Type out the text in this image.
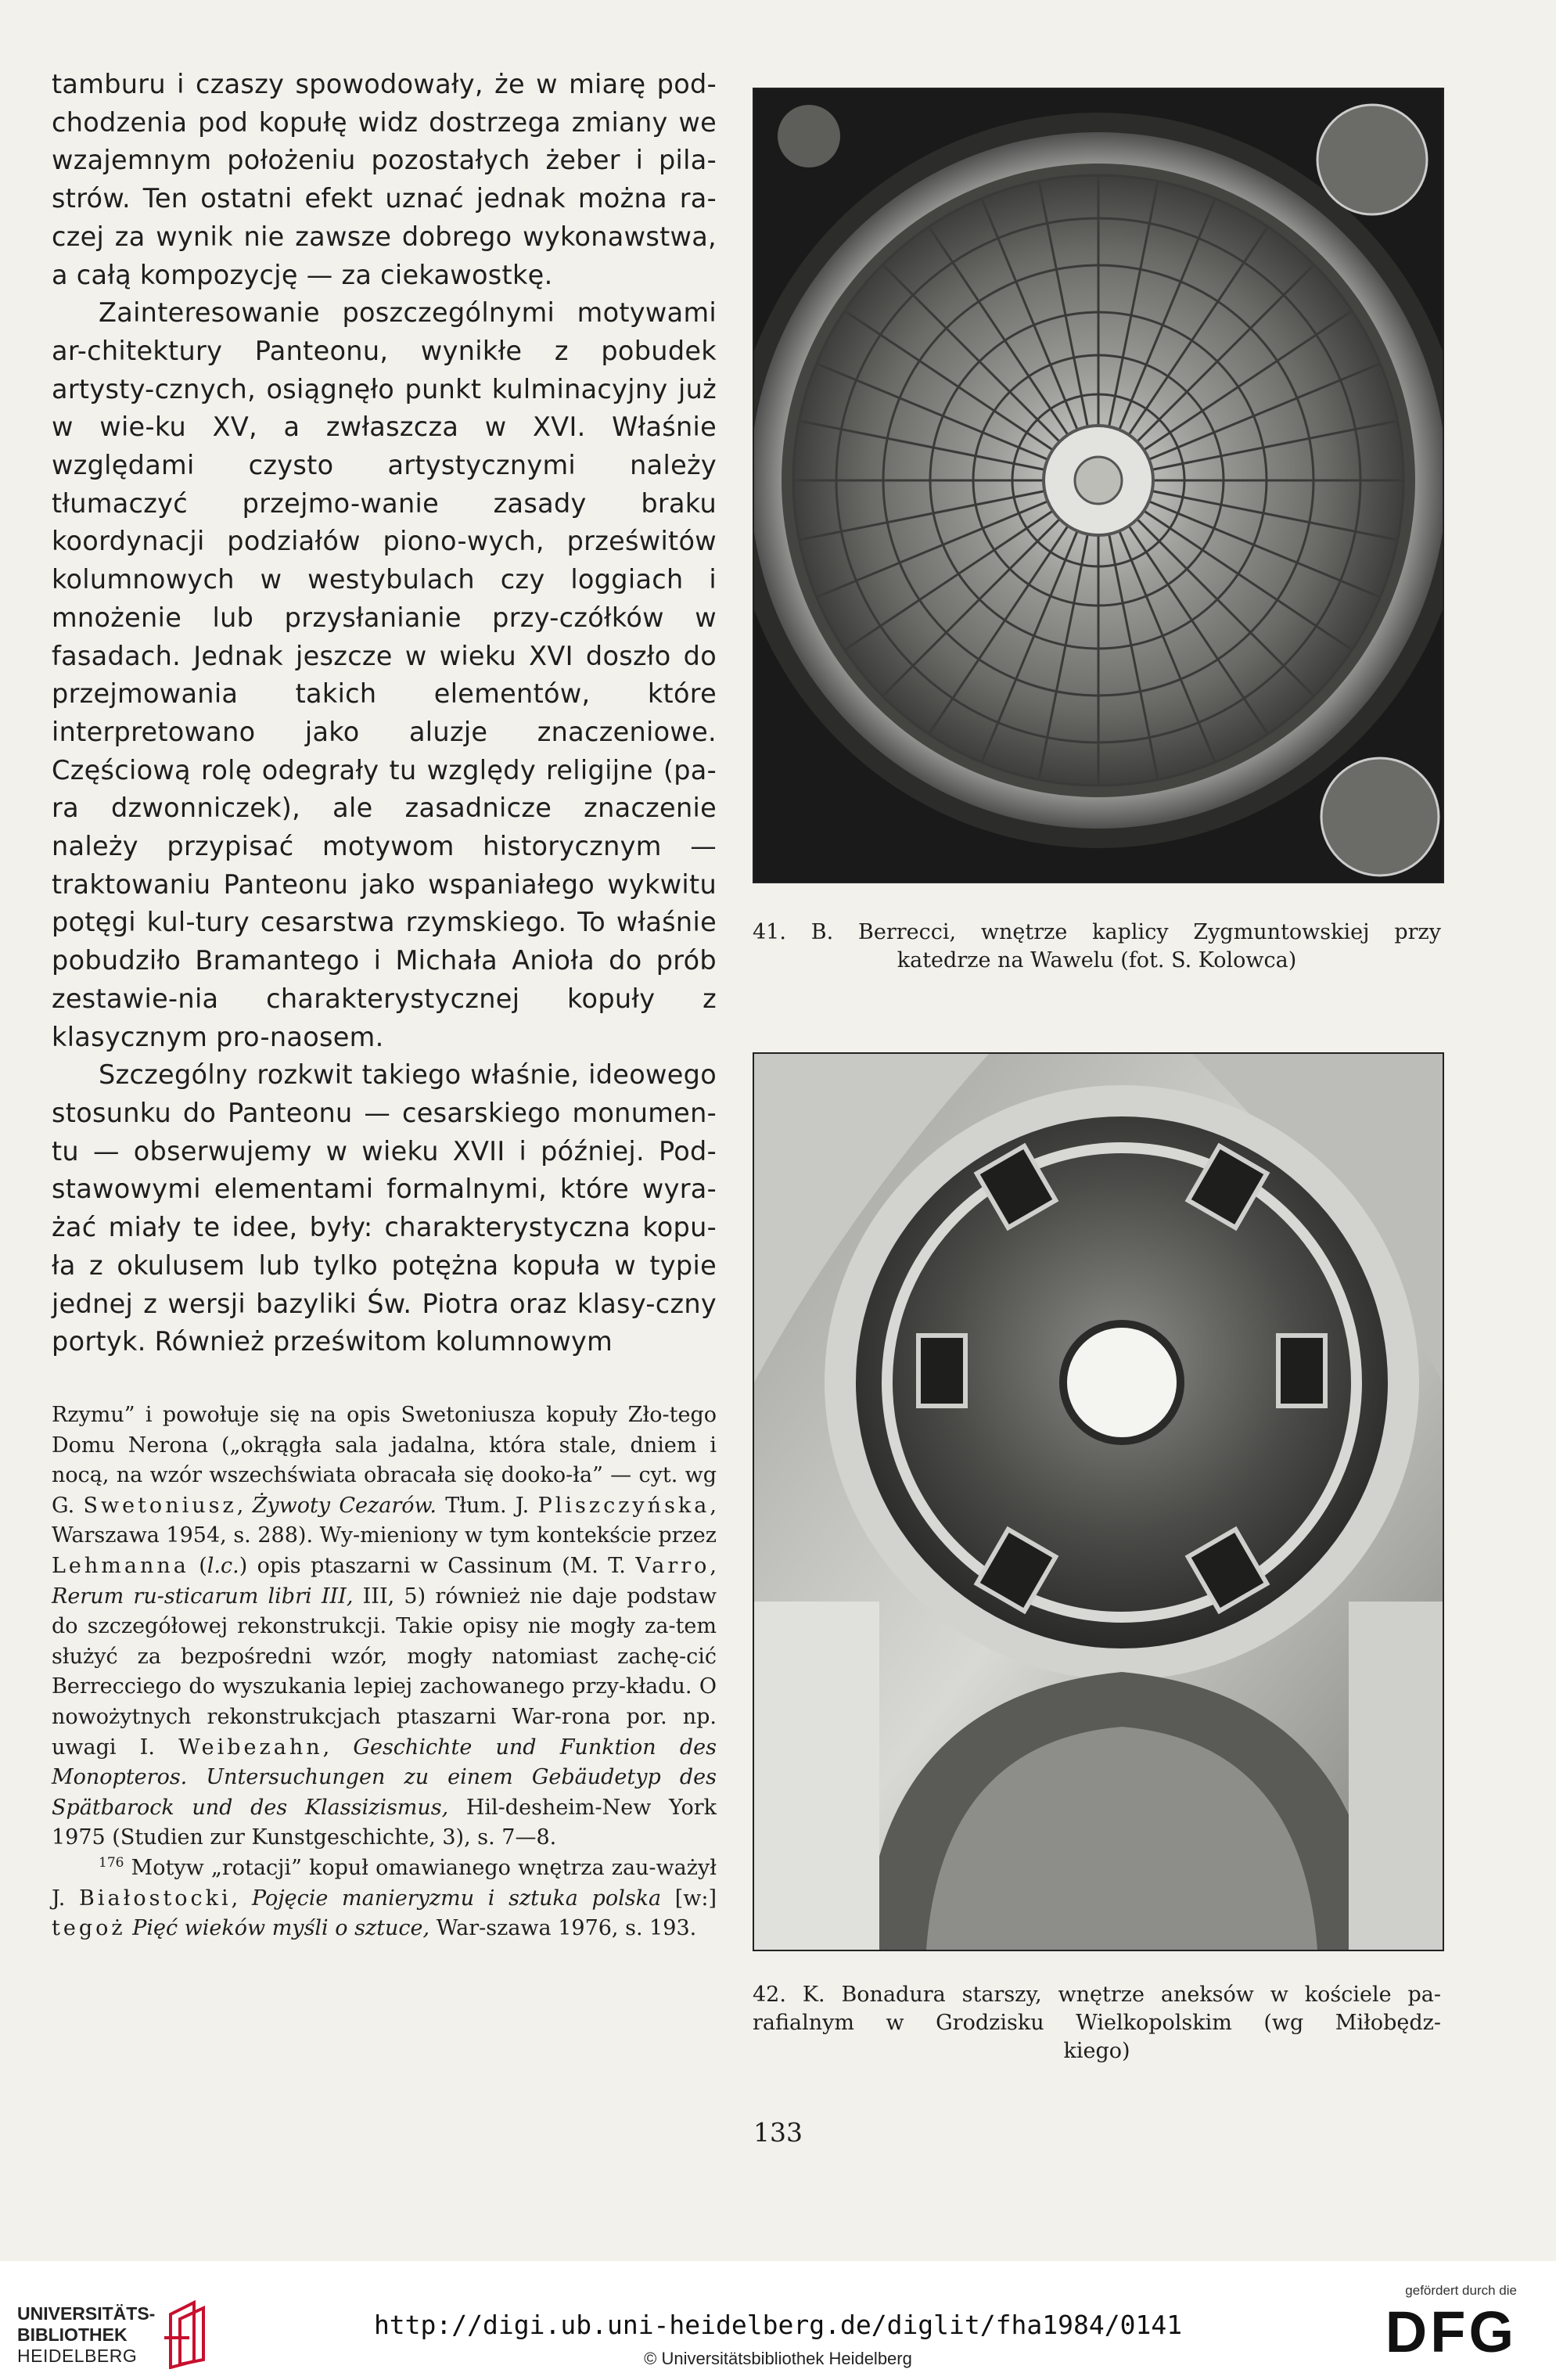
tamburu i czaszy spowodowały, że w miarę pod-chodzenia pod kopułę widz dostrzega zmiany we wzajemnym położeniu pozostałych żeber i pila-strów. Ten ostatni efekt uznać jednak można ra-czej za wynik nie zawsze dobrego wykonawstwa, a całą kompozycję — za ciekawostkę.

Zainteresowanie poszczególnymi motywami ar-chitektury Panteonu, wynikłe z pobudek artysty-cznych, osiągnęło punkt kulminacyjny już w wie-ku XV, a zwłaszcza w XVI. Właśnie względami czysto artystycznymi należy tłumaczyć przejmo-wanie zasady braku koordynacji podziałów piono-wych, prześwitów kolumnowych w westybulach czy loggiach i mnożenie lub przysłanianie przy-czółków w fasadach. Jednak jeszcze w wieku XVI doszło do przejmowania takich elementów, które interpretowano jako aluzje znaczeniowe. Częściową rolę odegrały tu względy religijne (pa-ra dzwonniczek), ale zasadnicze znaczenie należy przypisać motywom historycznym — traktowaniu Panteonu jako wspaniałego wykwitu potęgi kul-tury cesarstwa rzymskiego. To właśnie pobudziło Bramantego i Michała Anioła do prób zestawie-nia charakterystycznej kopuły z klasycznym pro-naosem.

Szczególny rozkwit takiego właśnie, ideowego stosunku do Panteonu — cesarskiego monumen-tu — obserwujemy w wieku XVII i później. Pod-stawowymi elementami formalnymi, które wyra-żać miały te idee, były: charakterystyczna kopu-ła z okulusem lub tylko potężna kopuła w typie jednej z wersji bazyliki Św. Piotra oraz klasy-czny portyk. Również prześwitom kolumnowym

Rzymu” i powołuje się na opis Swetoniusza kopuły Zło-tego Domu Nerona („okrągła sala jadalna, która stale, dniem i nocą, na wzór wszechświata obracała się dooko-ła” — cyt. wg G. Swetoniusz, Żywoty Cezarów. Tłum. J. Pliszczyńska, Warszawa 1954, s. 288). Wy-mieniony w tym kontekście przez Lehmanna (l.c.) opis ptaszarni w Cassinum (M. T. Varro, Rerum ru-sticarum libri III, III, 5) również nie daje podstaw do szczegółowej rekonstrukcji. Takie opisy nie mogły za-tem służyć za bezpośredni wzór, mogły natomiast zachę-cić Berrecciego do wyszukania lepiej zachowanego przy-kładu. O nowożytnych rekonstrukcjach ptaszarni War-rona por. np. uwagi I. Weibezahn, Geschichte und Funktion des Monopteros. Untersuchungen zu einem Gebäudetyp des Spätbarock und des Klassizismus, Hil-desheim-New York 1975 (Studien zur Kunstgeschichte, 3), s. 7—8.

$^{176}$ Motyw „rotacji” kopuł omawianego wnętrza zau-ważył J. Białostocki, Pojęcie manieryzmu i sztuka polska [w:] tegoż Pięć wieków myśli o sztuce, War-szawa 1976, s. 193.

41. B. Berrecci, wnętrze kaplicy Zygmuntowskiej przy
katedrze na Wawelu (fot. S. Kolowca)
42. K. Bonadura starszy, wnętrze aneksów w kościele pa-
rafialnym w Grodzisku Wielkopolskim (wg Miłobędz-
kiego)
133
UNIVERSITÄTS-
BIBLIOTHEK
HEIDELBERG
http://digi.ub.uni-heidelberg.de/diglit/fha1984/0141
© Universitätsbibliothek Heidelberg
gefördert durch die
DFG
